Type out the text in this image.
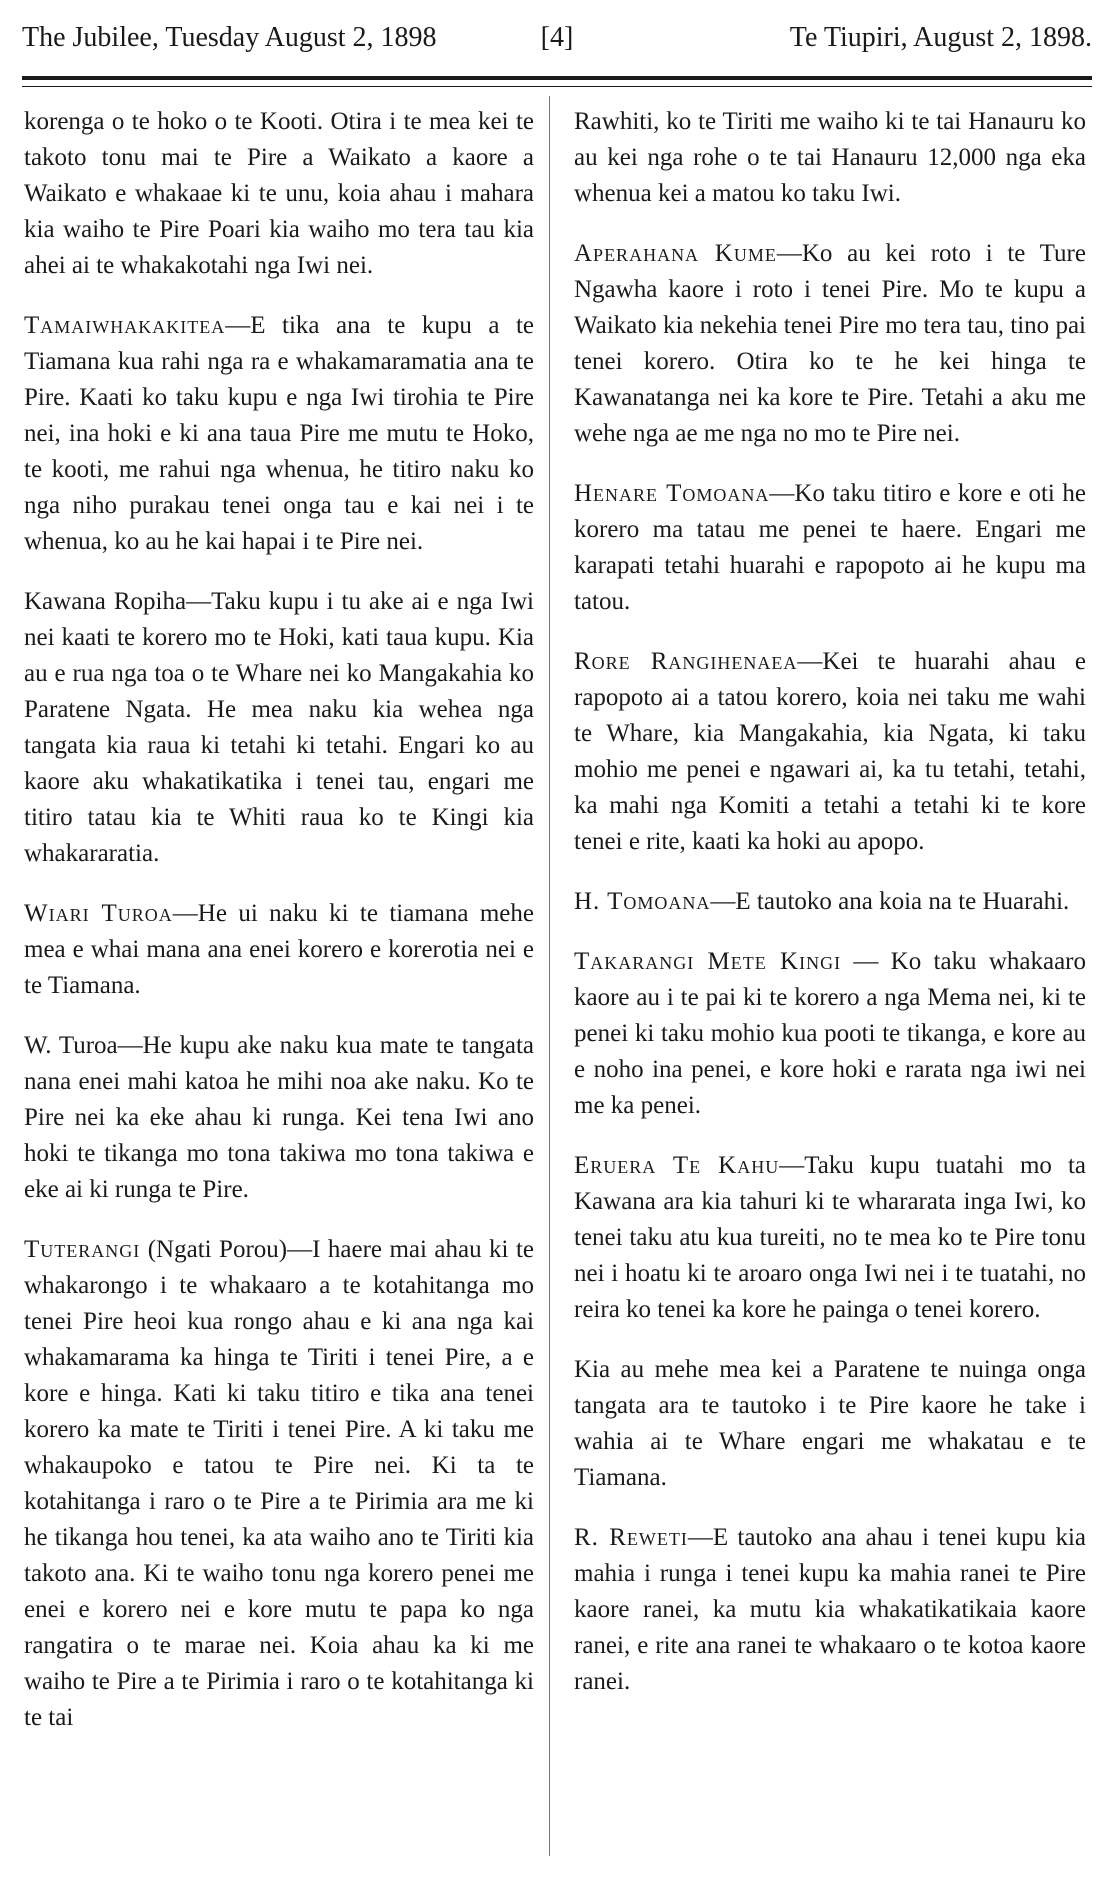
The Jubilee, Tuesday August 2, 1898	[4]	Te Tiupiri, August 2, 1898.

korenga o te hoko o te Kooti. Otira i te mea kei te takoto tonu mai te Pire a Waikato a kaore a Waikato e whakaae ki te unu, koia ahau i mahara kia waiho te Pire Poari kia waiho mo tera tau kia ahei ai te whakakotahi nga Iwi nei.

Tamaiwhakakitea—E tika ana te kupu a te Tiamana kua rahi nga ra e whakamaramatia ana te Pire. Kaati ko taku kupu e nga Iwi tirohia te Pire nei, ina hoki e ki ana taua Pire me mutu te Hoko, te kooti, me rahui nga whenua, he titiro naku ko nga niho purakau tenei onga tau e kai nei i te whenua, ko au he kai hapai i te Pire nei.

Kawana Ropiha—Taku kupu i tu ake ai e nga Iwi nei kaati te korero mo te Hoki, kati taua kupu. Kia au e rua nga toa o te Whare nei ko Mangakahia ko Paratene Ngata. He mea naku kia wehea nga tangata kia raua ki tetahi ki tetahi. Engari ko au kaore aku whakatikatika i tenei tau, engari me titiro tatau kia te Whiti raua ko te Kingi kia whakararatia.

Wiari Turoa—He ui naku ki te tiamana mehe mea e whai mana ana enei korero e korerotia nei e te Tiamana.

W. Turoa—He kupu ake naku kua mate te tangata nana enei mahi katoa he mihi noa ake naku. Ko te Pire nei ka eke ahau ki runga. Kei tena Iwi ano hoki te tikanga mo tona takiwa mo tona takiwa e eke ai ki runga te Pire.

Tuterangi (Ngati Porou)—I haere mai ahau ki te whakarongo i te whakaaro a te kotahitanga mo tenei Pire heoi kua rongo ahau e ki ana nga kai whakamarama ka hinga te Tiriti i tenei Pire, a e kore e hinga. Kati ki taku titiro e tika ana tenei korero ka mate te Tiriti i tenei Pire. A ki taku me whakaupoko e tatou te Pire nei. Ki ta te kotahitanga i raro o te Pire a te Pirimia ara me ki he tikanga hou tenei, ka ata waiho ano te Tiriti kia takoto ana. Ki te waiho tonu nga korero penei me enei e korero nei e kore mutu te papa ko nga rangatira o te marae nei. Koia ahau ka ki me waiho te Pire a te Pirimia i raro o te kotahitanga ki te tai

Rawhiti, ko te Tiriti me waiho ki te tai Hanauru ko au kei nga rohe o te tai Hanauru 12,000 nga eka whenua kei a matou ko taku Iwi.

Aperahana Kume—Ko au kei roto i te Ture Ngawha kaore i roto i tenei Pire. Mo te kupu a Waikato kia nekehia tenei Pire mo tera tau, tino pai tenei korero. Otira ko te he kei hinga te Kawanatanga nei ka kore te Pire. Tetahi a aku me wehe nga ae me nga no mo te Pire nei.

Henare Tomoana—Ko taku titiro e kore e oti he korero ma tatau me penei te haere. Engari me karapati tetahi huarahi e rapopoto ai he kupu ma tatou.

Rore Rangihenaea—Kei te huarahi ahau e rapopoto ai a tatou korero, koia nei taku me wahi te Whare, kia Mangakahia, kia Ngata, ki taku mohio me penei e ngawari ai, ka tu tetahi, tetahi, ka mahi nga Komiti a tetahi a tetahi ki te kore tenei e rite, kaati ka hoki au apopo.

H. Tomoana—E tautoko ana koia na te Huarahi.

Takarangi Mete Kingi — Ko taku whakaaro kaore au i te pai ki te korero a nga Mema nei, ki te penei ki taku mohio kua pooti te tikanga, e kore au e noho ina penei, e kore hoki e rarata nga iwi nei me ka penei.

Eruera Te Kahu—Taku kupu tuatahi mo ta Kawana ara kia tahuri ki te whararata inga Iwi, ko tenei taku atu kua tureiti, no te mea ko te Pire tonu nei i hoatu ki te aroaro onga Iwi nei i te tuatahi, no reira ko tenei ka kore he painga o tenei korero.

Kia au mehe mea kei a Paratene te nuinga onga tangata ara te tautoko i te Pire kaore he take i wahia ai te Whare engari me whakatau e te Tiamana.

R. Reweti—E tautoko ana ahau i tenei kupu kia mahia i runga i tenei kupu ka mahia ranei te Pire kaore ranei, ka mutu kia whakatikatikaia kaore ranei, e rite ana ranei te whakaaro o te kotoa kaore ranei.
